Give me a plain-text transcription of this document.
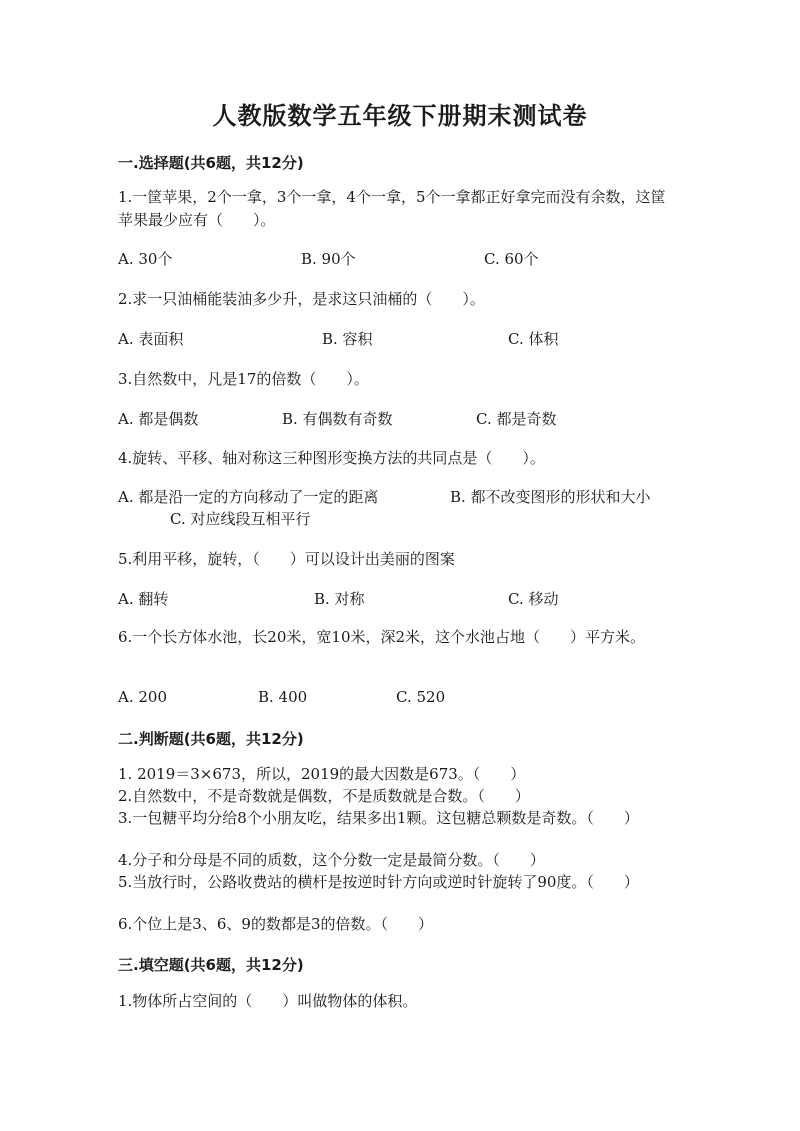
人教版数学五年级下册期末测试卷
一.选择题(共6题，共12分)
1.一筐苹果，2个一拿，3个一拿，4个一拿，5个一拿都正好拿完而没有余数，这筐苹果最少应有（　　）。
A. 30个	B. 90个	C. 60个
2.求一只油桶能装油多少升，是求这只油桶的（　　）。
A. 表面积	B. 容积	C. 体积
3.自然数中，凡是17的倍数（　　）。
A. 都是偶数	B. 有偶数有奇数	C. 都是奇数
4.旋转、平移、轴对称这三种图形变换方法的共同点是（　　）。
A. 都是沿一定的方向移动了一定的距离	B. 都不改变图形的形状和大小
C. 对应线段互相平行
5.利用平移，旋转，（　　）可以设计出美丽的图案
A. 翻转	B. 对称	C. 移动
6.一个长方体水池，长20米，宽10米，深2米，这个水池占地（　　）平方米。
A. 200	B. 400	C. 520
二.判断题(共6题，共12分)
1. 2019＝3×673，所以，2019的最大因数是673。（　　）
2.自然数中，不是奇数就是偶数，不是质数就是合数。（　　）
3.一包糖平均分给8个小朋友吃，结果多出1颗。这包糖总颗数是奇数。（　　）
4.分子和分母是不同的质数，这个分数一定是最简分数。（　　）
5.当放行时，公路收费站的横杆是按逆时针方向或逆时针旋转了90度。（　　）
6.个位上是3、6、9的数都是3的倍数。（　　）
三.填空题(共6题，共12分)
1.物体所占空间的（　　）叫做物体的体积。
